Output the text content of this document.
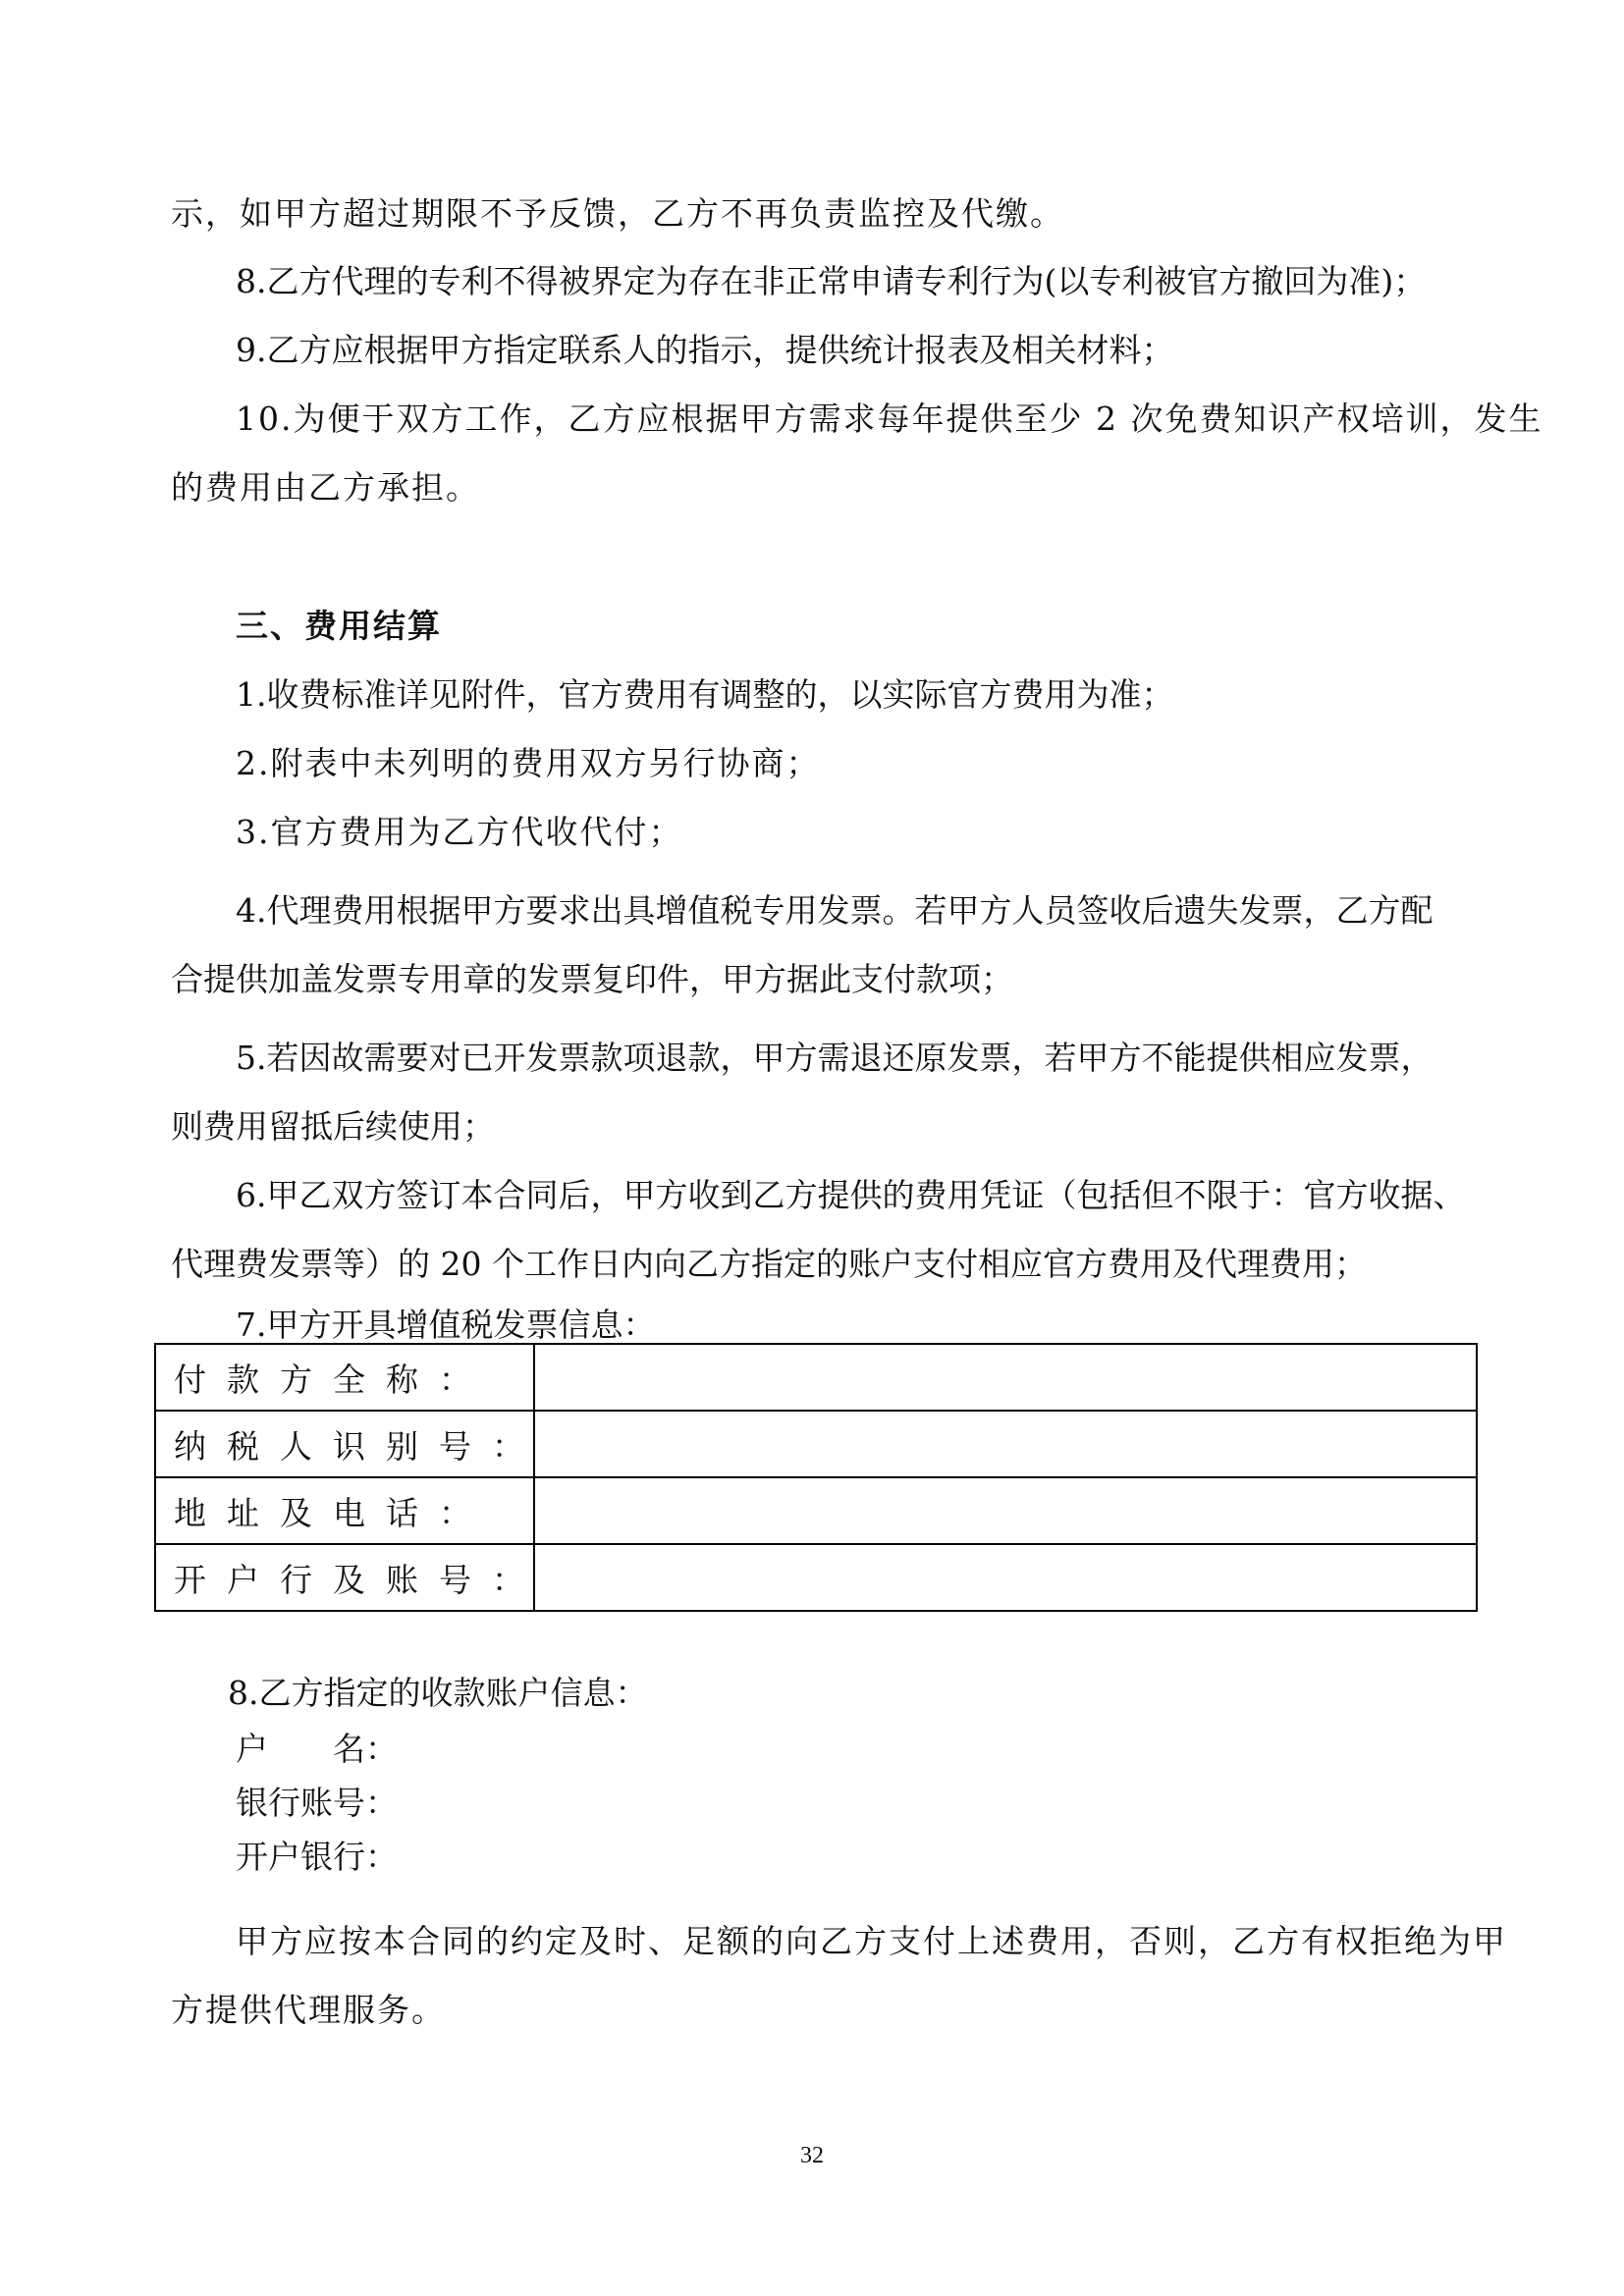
示，如甲方超过期限不予反馈，乙方不再负责监控及代缴。
8.乙方代理的专利不得被界定为存在非正常申请专利行为(以专利被官方撤回为准)；
9.乙方应根据甲方指定联系人的指示，提供统计报表及相关材料；
10.为便于双方工作，乙方应根据甲方需求每年提供至少 2 次免费知识产权培训，发生
的费用由乙方承担。
三、费用结算
1.收费标准详见附件，官方费用有调整的，以实际官方费用为准；
2.附表中未列明的费用双方另行协商；
3.官方费用为乙方代收代付；
4.代理费用根据甲方要求出具增值税专用发票。若甲方人员签收后遗失发票，乙方配
合提供加盖发票专用章的发票复印件，甲方据此支付款项；
5.若因故需要对已开发票款项退款，甲方需退还原发票，若甲方不能提供相应发票，
则费用留抵后续使用；
6.甲乙双方签订本合同后，甲方收到乙方提供的费用凭证（包括但不限于：官方收据、
代理费发票等）的 20 个工作日内向乙方指定的账户支付相应官方费用及代理费用；
7.甲方开具增值税发票信息：
付款方全称：	
纳税人识别号：	
地址及电话：	
开户行及账号：	
8.乙方指定的收款账户信息：
户　　名：
银行账号：
开户银行：
甲方应按本合同的约定及时、足额的向乙方支付上述费用，否则，乙方有权拒绝为甲
方提供代理服务。
32
